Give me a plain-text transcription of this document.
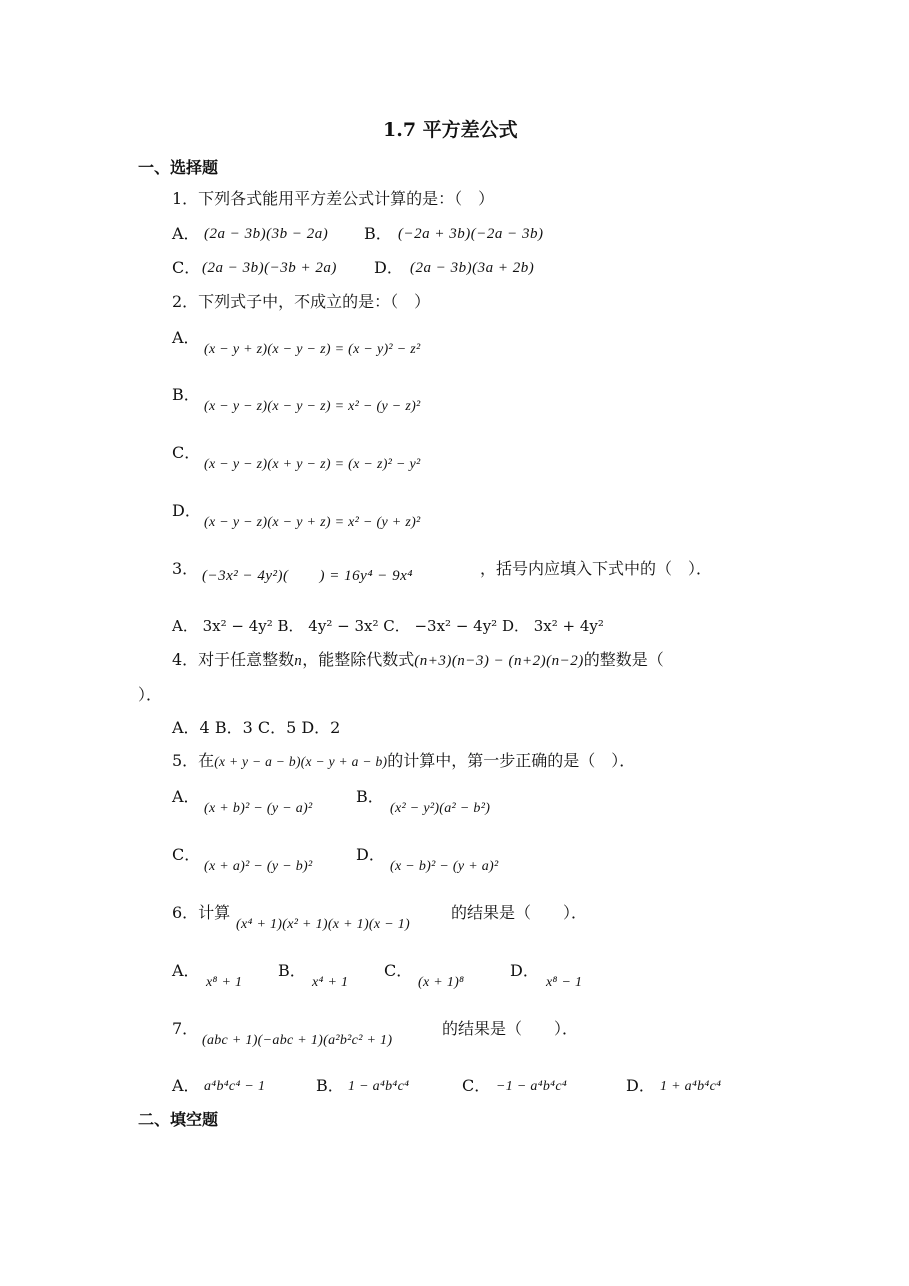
1.7 平方差公式
一、选择题
1．下列各式能用平方差公式计算的是：（　）
A． (2a − 3b)(3b − 2a) B． (−2a + 3b)(−2a − 3b)
C． (2a − 3b)(−3b + 2a) D． (2a − 3b)(3a + 2b)
2．下列式子中，不成立的是：（　）
A．
(x − y + z)(x − y − z) = (x − y)² − z²
B．
(x − y − z)(x − y − z) = x² − (y − z)²
C．
(x − y − z)(x + y − z) = (x − z)² − y²
D．
(x − y − z)(x − y + z) = x² − (y + z)²
3． (−3x² − 4y²)(　　) = 16y⁴ − 9x⁴	，括号内应填入下式中的（　）．
A． 3x² − 4y² B． 4y² − 3x² C． −3x² − 4y² D． 3x² + 4y²
4．对于任意整数n，能整除代数式(n+3)(n−3) − (n+2)(n−2)的整数是（
）．
A．4 B．3 C．5 D．2
5．在(x + y − a − b)(x − y + a − b)的计算中，第一步正确的是（　）．
A．
(x + b)² − (y − a)²
B．
(x² − y²)(a² − b²)
C．
(x + a)² − (y − b)²
D．
(x − b)² − (y + a)²
6．计算
(x⁴ + 1)(x² + 1)(x + 1)(x − 1)
的结果是（　　）．
A．
x⁸ + 1
B．
x⁴ + 1
C．
(x + 1)⁸
D．
x⁸ − 1
7．
(abc + 1)(−abc + 1)(a²b²c² + 1)
的结果是（　　）．
A． a⁴b⁴c⁴ − 1	B． 1 − a⁴b⁴c⁴	C． −1 − a⁴b⁴c⁴	D． 1 + a⁴b⁴c⁴
二、填空题
